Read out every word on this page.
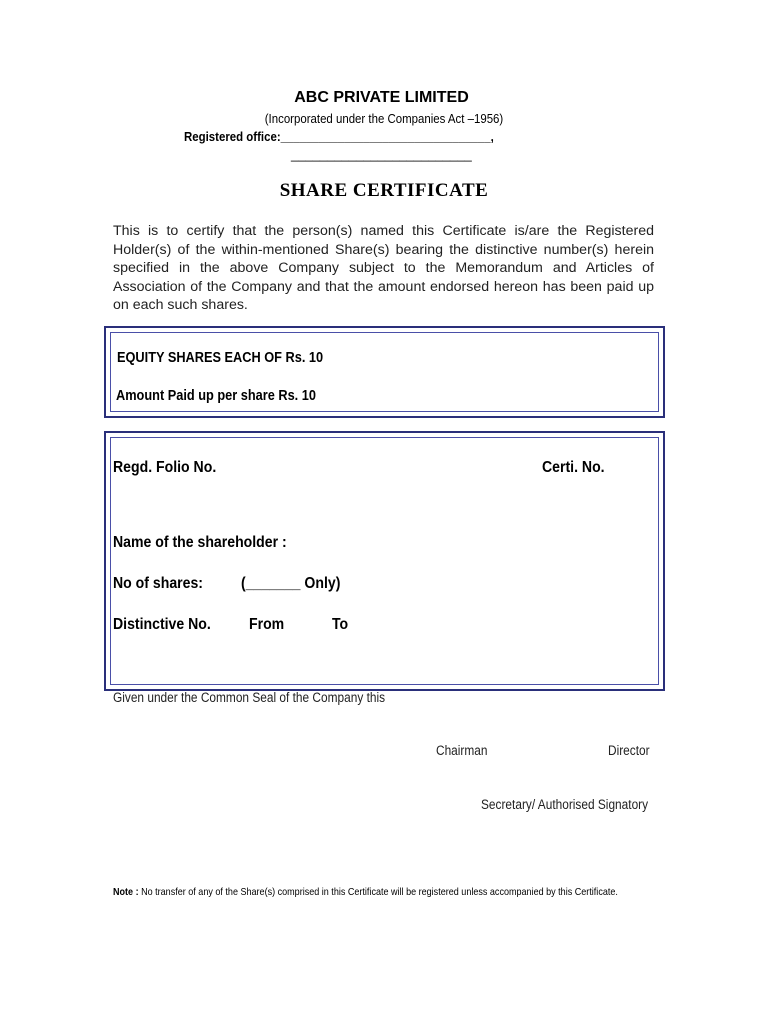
ABC PRIVATE LIMITED
(Incorporated under the Companies Act –1956)
Registered office:_________________________________,
_________________________
SHARE CERTIFICATE
This is to certify that the person(s) named this Certificate is/are the Registered Holder(s) of the within-mentioned Share(s) bearing the distinctive number(s) herein specified in the above Company subject to the Memorandum and Articles of Association of the Company and that the amount endorsed hereon has been paid up on each such shares.
EQUITY SHARES EACH OF Rs. 10
Amount Paid up per share Rs. 10
Regd. Folio No.	Certi. No.
Name of the shareholder :
No of shares: (_______ Only)
Distinctive No. From	To
Given under the Common Seal of the Company this
Chairman	Director
Secretary/ Authorised Signatory
Note : No transfer of any of the Share(s) comprised in this Certificate will be registered unless accompanied by this Certificate.
